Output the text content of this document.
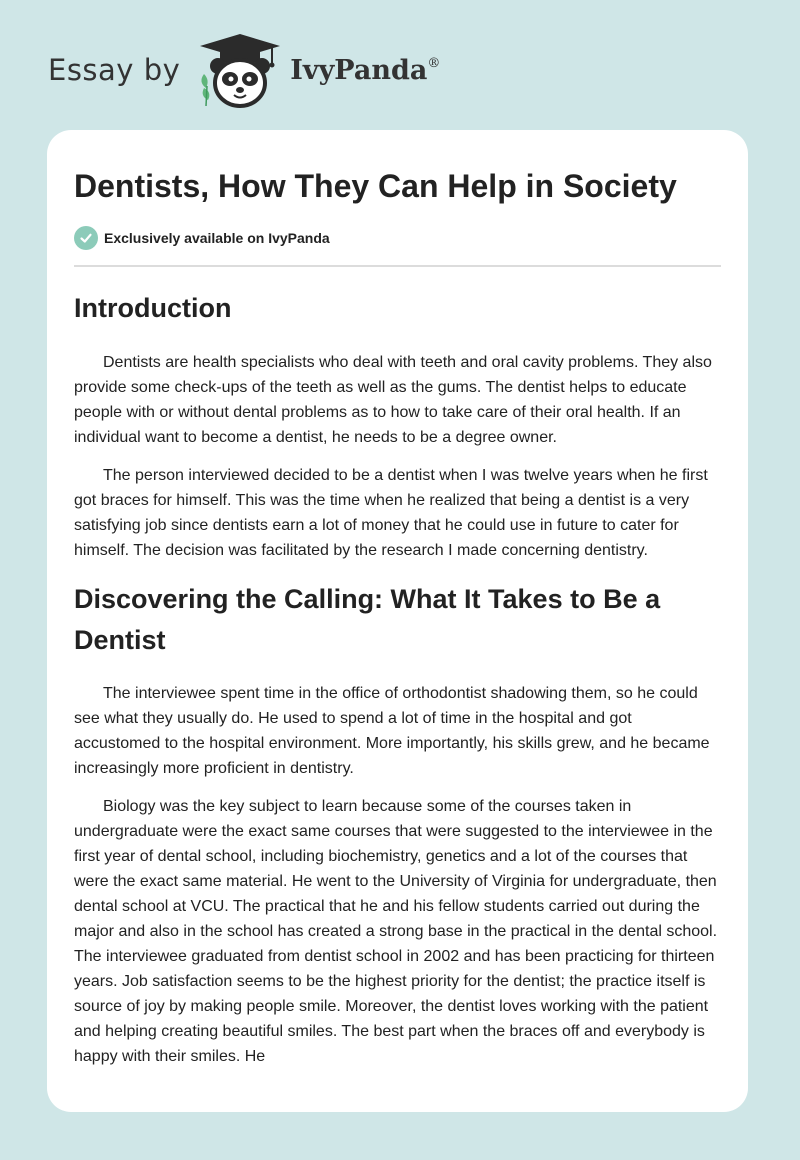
Essay by	IvyPanda®
Dentists, How They Can Help in Society
Exclusively available on IvyPanda
Introduction

Dentists are health specialists who deal with teeth and oral cavity problems. They also provide some check-ups of the teeth as well as the gums. The dentist helps to educate people with or without dental problems as to how to take care of their oral health. If an individual want to become a dentist, he needs to be a degree owner.

The person interviewed decided to be a dentist when I was twelve years when he first got braces for himself. This was the time when he realized that being a dentist is a very satisfying job since dentists earn a lot of money that he could use in future to cater for himself. The decision was facilitated by the research I made concerning dentistry.

Discovering the Calling: What It Takes to Be a Dentist

The interviewee spent time in the office of orthodontist shadowing them, so he could see what they usually do. He used to spend a lot of time in the hospital and got accustomed to the hospital environment. More importantly, his skills grew, and he became increasingly more proficient in dentistry.

Biology was the key subject to learn because some of the courses taken in undergraduate were the exact same courses that were suggested to the interviewee in the first year of dental school, including biochemistry, genetics and a lot of the courses that were the exact same material. He went to the University of Virginia for undergraduate, then dental school at VCU. The practical that he and his fellow students carried out during the major and also in the school has created a strong base in the practical in the dental school. The interviewee graduated from dentist school in 2002 and has been practicing for thirteen years. Job satisfaction seems to be the highest priority for the dentist; the practice itself is source of joy by making people smile. Moreover, the dentist loves working with the patient and helping creating beautiful smiles. The best part when the braces off and everybody is happy with their smiles. He
